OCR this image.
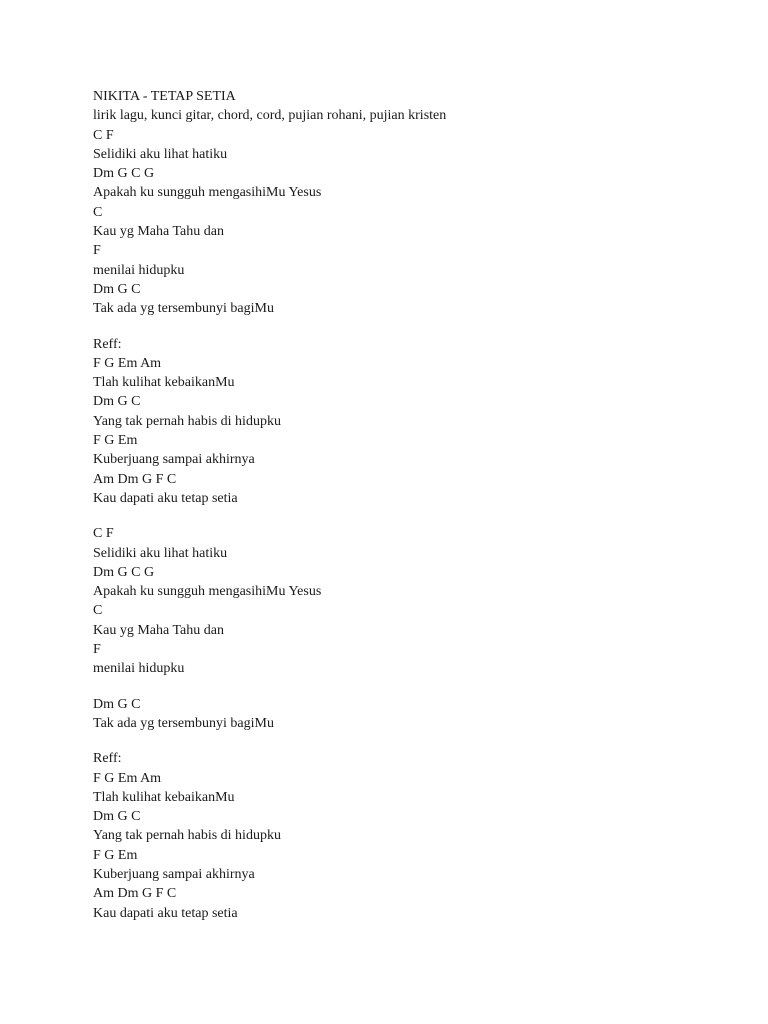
NIKITA - TETAP SETIA
lirik lagu, kunci gitar, chord, cord, pujian rohani, pujian kristen
C F
Selidiki aku lihat hatiku
Dm G C G
Apakah ku sungguh mengasihiMu Yesus
C
Kau yg Maha Tahu dan
F
menilai hidupku
Dm G C
Tak ada yg tersembunyi bagiMu
Reff:
F G Em Am
Tlah kulihat kebaikanMu
Dm G C
Yang tak pernah habis di hidupku
F G Em
Kuberjuang sampai akhirnya
Am Dm G F C
Kau dapati aku tetap setia
C F
Selidiki aku lihat hatiku
Dm G C G
Apakah ku sungguh mengasihiMu Yesus
C
Kau yg Maha Tahu dan
F
menilai hidupku
Dm G C
Tak ada yg tersembunyi bagiMu
Reff:
F G Em Am
Tlah kulihat kebaikanMu
Dm G C
Yang tak pernah habis di hidupku
F G Em
Kuberjuang sampai akhirnya
Am Dm G F C
Kau dapati aku tetap setia
